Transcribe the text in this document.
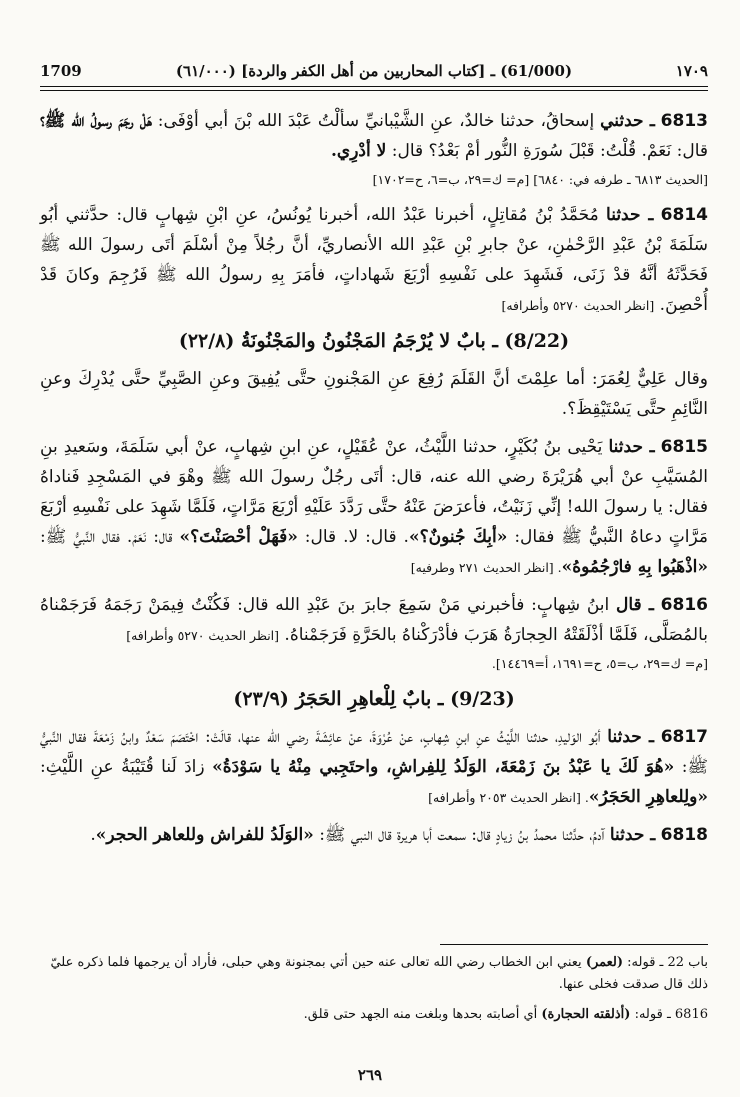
1709	(61/000) ـ [كتاب المحاربين من أهل الكفر والردة] (٦١/٠٠٠)	١٧٠٩

6813 ـ حدثني إسحاقُ، حدثنا خالدٌ، عنِ الشَّيْبانيِّ سألْتُ عَبْدَ الله بْنَ أبي أوْفَى: هَلْ رجَمَ رسولُ الله ﷺ؟ قال: نَعَمْ. قُلْتُ: قَبْلَ سُورَةِ النُّور أمْ بَعْدُ؟ قال: لا أدْرِي.

[الحديث ٦٨١٣ ـ طرفه في: ٦٨٤٠] [م= ك=٢٩، ب=٦، ح=١٧٠٢]

6814 ـ حدثنا مُحَمَّدُ بْنُ مُقاتِلٍ، أخبرنا عَبْدُ الله، أخبرنا يُونُسُ، عنِ ابْنِ شِهابٍ قال: حدَّثني أبُو سَلَمَةَ بْنُ عَبْدِ الرَّحْمٰنِ، عنْ جابرِ بْنِ عَبْدِ الله الأنصاريِّ، أنَّ رجُلاً مِنْ أسْلَمَ أتَى رسولَ الله ﷺ فَحَدَّثَهُ أنَّهُ قدْ زَنَى، فَشَهِدَ على نَفْسِهِ أرْبَعَ شَهاداتٍ، فأمَرَ بِهِ رسولُ الله ﷺ فَرُجِمَ وكانَ قَدْ أُحْصِنَ. [انظر الحديث ٥٢٧٠ وأطرافه]

(8/22) ـ بابٌ لا يُرْجَمُ المَجْنُونُ والمَجْنُونَةُ (٢٢/٨)

وقال عَلِيٌّ لِعُمَرَ: أما علِمْتَ أنَّ القَلَمَ رُفِعَ عنِ المَجْنونِ حتَّى يُفِيقَ وعنِ الصَّبِيِّ حتَّى يُدْرِكَ وعنِ النَّائِمِ حتَّى يَسْتَيْقِظَ؟.

6815 ـ حدثنا يَحْيى بنُ بُكَيْرٍ، حدثنا اللَّيْثُ، عنْ عُقَيْلٍ، عنِ ابنِ شِهابٍ، عنْ أبي سَلَمَةَ، وسَعيدِ بنِ المُسَيَّبِ عنْ أبي هُرَيْرَةَ رضي الله عنه، قال: أتَى رجُلٌ رسولَ الله ﷺ وهْوَ في المَسْجِدِ فَناداهُ فقال: يا رسولَ الله! إنِّي زَنَيْتُ، فأعرَضَ عَنْهُ حتَّى رَدَّدَ عَلَيْهِ أرْبَعَ مَرَّاتٍ، فَلَمَّا شَهِدَ على نَفْسِهِ أرْبَعَ مَرَّاتٍ دعاهُ النَّبيُّ ﷺ فقال: «أبِكَ جُنونٌ؟». قال: لا. قال: «فَهَلْ أحْصَنْتَ؟» قال: نَعَمْ. فقال النَّبيُّ ﷺ: «اذْهَبُوا بِهِ فارْجُمُوهُ». [انظر الحديث ٢٧١ وطرفيه]

6816 ـ قال ابنُ شِهابٍ: فأخبرني مَنْ سَمِعَ جابرَ بنَ عَبْدِ الله قال: فَكُنْتُ فِيمَنْ رَجَمَهُ فَرَجَمْناهُ بالمُصَلَّى، فَلَمَّا أذْلَقَتْهُ الحِجارَةُ هَرَبَ فأدْرَكْناهُ بالحَرَّةِ فَرَجَمْناهُ. [انظر الحديث ٥٢٧٠ وأطرافه]

[م= ك=٢٩، ب=٥، ح=١٦٩١، أ=١٤٤٦٩].

(9/23) ـ بابٌ لِلْعاهِرِ الحَجَرُ (٢٣/٩)

6817 ـ حدثنا أبُو الوَليدِ، حدثنا اللَّيْثُ عنِ ابنِ شِهابٍ، عنْ عُرْوَةَ، عنْ عائِشَةَ رضي الله عنها، قالَتْ: اخْتَصَمَ سَعْدٌ وابنُ زَمْعَةَ فقال النَّبيُّ ﷺ: «هُوَ لَكَ يا عَبْدُ بنَ زَمْعَةَ، الوَلَدُ لِلفِراشِ، واحتَجِبي مِنْهُ يا سَوْدَةُ» زادَ لَنا قُتَيْبَةُ عنِ اللَّيْثِ: «ولِلعاهِرِ الحَجَرُ». [انظر الحديث ٢٠٥٣ وأطرافه]

6818 ـ حدثنا آدمُ، حدَّثنا محمدُ بنُ زيادٍ قال: سمعت أبا هريرة قال النبي ﷺ: «الوَلَدُ للفراش وللعاهر الحجر».

باب 22 ـ قوله: (لعمر) يعني ابن الخطاب رضي الله تعالى عنه حين أتي بمجنونة وهي حبلى، فأراد أن يرجمها فلما ذكره عليّ ذلك قال صدقت فخلى عنها.

6816 ـ قوله: (أذلقته الحجارة) أي أصابته بحدها وبلغت منه الجهد حتى قلق.

٢٦٩
